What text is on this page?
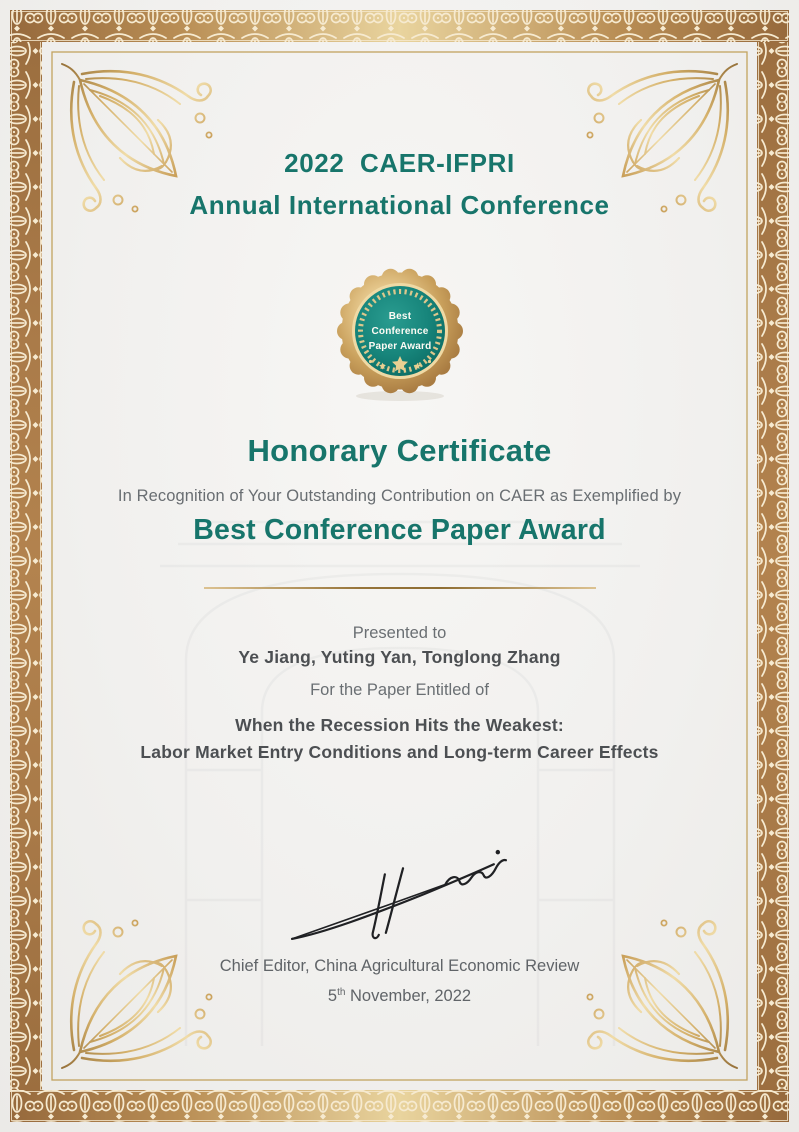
2022  CAER-IFPRI
Annual International Conference
Best
Conference
Paper Award
Honorary Certificate
In Recognition of Your Outstanding Contribution on CAER as Exemplified by
Best Conference Paper Award
Presented to
Ye Jiang, Yuting Yan, Tonglong Zhang
For the Paper Entitled of
When the Recession Hits the Weakest:
Labor Market Entry Conditions and Long-term Career Effects
Chief Editor, China Agricultural Economic Review
5th November, 2022
